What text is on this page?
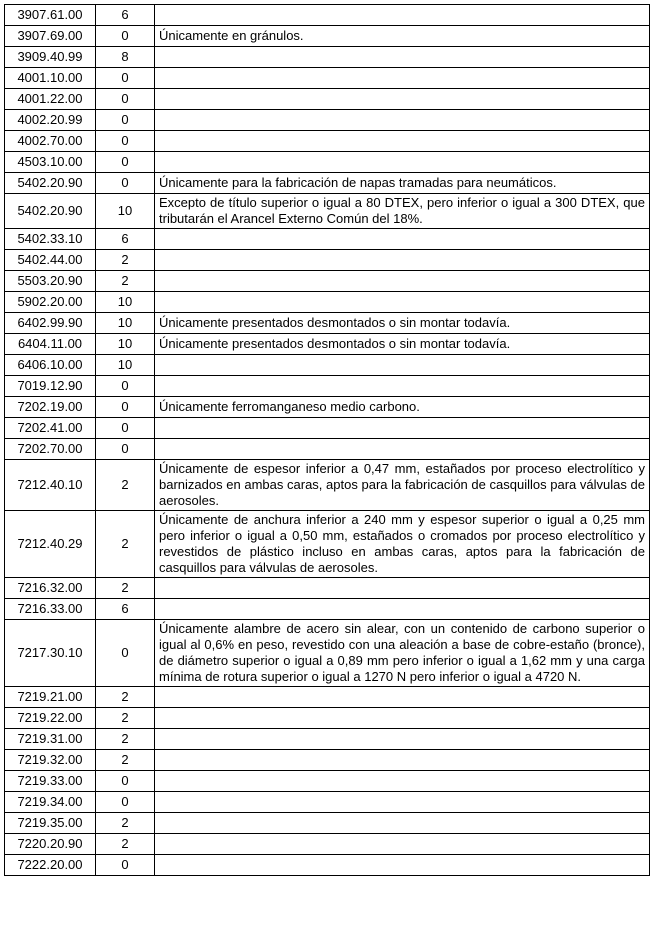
3907.61.00	6	
3907.69.00	0	Únicamente en gránulos.
3909.40.99	8	
4001.10.00	0	
4001.22.00	0	
4002.20.99	0	
4002.70.00	0	
4503.10.00	0	
5402.20.90	0	Únicamente para la fabricación de napas tramadas para neumáticos.
5402.20.90	10	Excepto de título superior o igual a 80 DTEX, pero inferior o igual a 300 DTEX, que tributarán el Arancel Externo Común del 18%.
5402.33.10	6	
5402.44.00	2	
5503.20.90	2	
5902.20.00	10	
6402.99.90	10	Únicamente presentados desmontados o sin montar todavía.
6404.11.00	10	Únicamente presentados desmontados o sin montar todavía.
6406.10.00	10	
7019.12.90	0	
7202.19.00	0	Únicamente ferromanganeso medio carbono.
7202.41.00	0	
7202.70.00	0	
7212.40.10	2	Únicamente de espesor inferior a 0,47 mm, estañados por proceso electrolítico y barnizados en ambas caras, aptos para la fabricación de casquillos para válvulas de aerosoles.
7212.40.29	2	Únicamente de anchura inferior a 240 mm y espesor superior o igual a 0,25 mm pero inferior o igual a 0,50 mm, estañados o cromados por proceso electrolítico y revestidos de plástico incluso en ambas caras, aptos para la fabricación de casquillos para válvulas de aerosoles.
7216.32.00	2	
7216.33.00	6	
7217.30.10	0	Únicamente alambre de acero sin alear, con un contenido de carbono superior o igual al 0,6% en peso, revestido con una aleación a base de cobre-estaño (bronce), de diámetro superior o igual a 0,89 mm pero inferior o igual a 1,62 mm y una carga mínima de rotura superior o igual a 1270 N pero inferior o igual a 4720 N.
7219.21.00	2	
7219.22.00	2	
7219.31.00	2	
7219.32.00	2	
7219.33.00	0	
7219.34.00	0	
7219.35.00	2	
7220.20.90	2	
7222.20.00	0	
